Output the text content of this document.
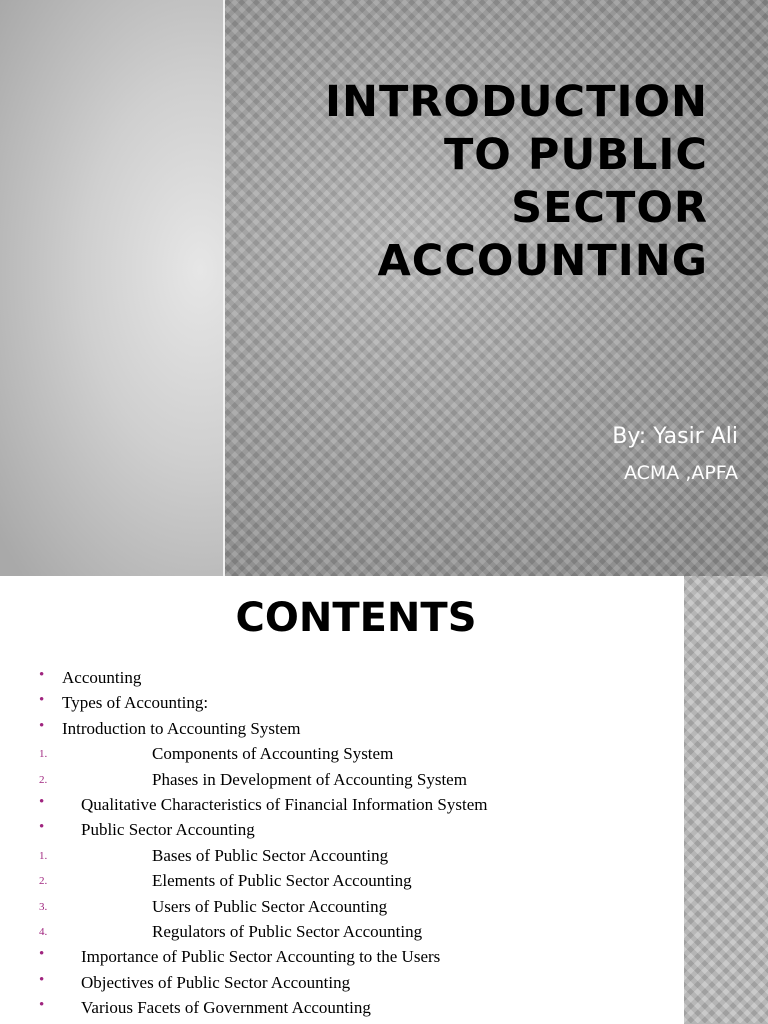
INTRODUCTION
TO PUBLIC
SECTOR
ACCOUNTING

By: Yasir Ali

ACMA ,APFA

CONTENTS
• Accounting
• Types of Accounting:
• Introduction to Accounting System
1.	Components of Accounting System
2.	Phases in Development of Accounting System
• Qualitative Characteristics of Financial Information System
• Public Sector Accounting
1.	Bases of Public Sector Accounting
2.	Elements of Public Sector Accounting
3.	Users of Public Sector Accounting
4.	Regulators of Public Sector Accounting
• Importance of Public Sector Accounting to the Users
• Objectives of Public Sector Accounting
• Various Facets of Government Accounting
